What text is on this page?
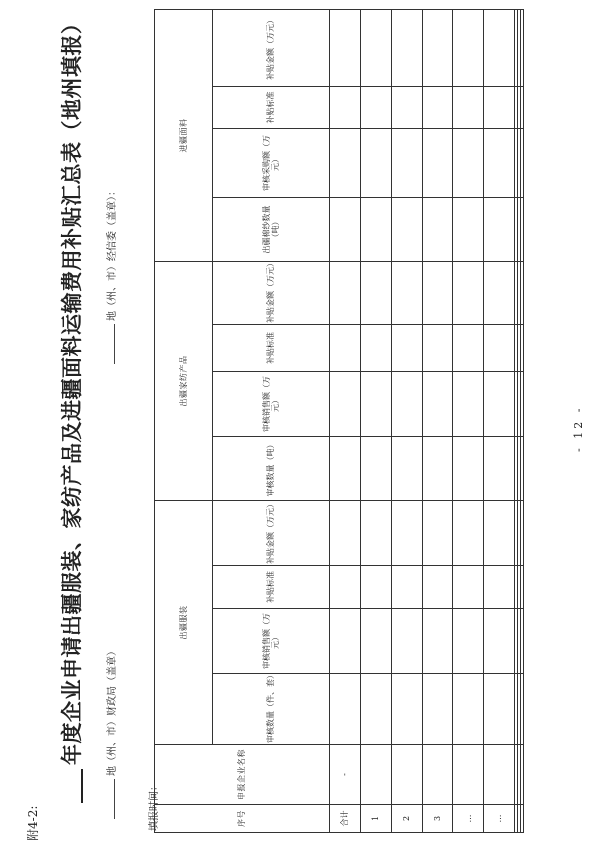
附4-2:
年度企业申请出疆服装、家纺产品及进疆面料运输费用补贴汇总表（地州填报）	地（州、市）财政局（盖章）
地（州、市）经信委（盖章）：
填报时间：	序号	申报企业名称	出疆服装				出疆家纺产品				进疆面料			
		审核数量（件、套）	审核销售额（万元）	补贴标准	补贴金额（万元）	审核数量（吨）	审核销售额（万元）	补贴标准	补贴金额（万元）	出疆棉纱数量（吨）	审核采购额（万元）	补贴标准	补贴金额（万元）
合计	-												
1													
2													
3													
…													
…													

- 12 -
